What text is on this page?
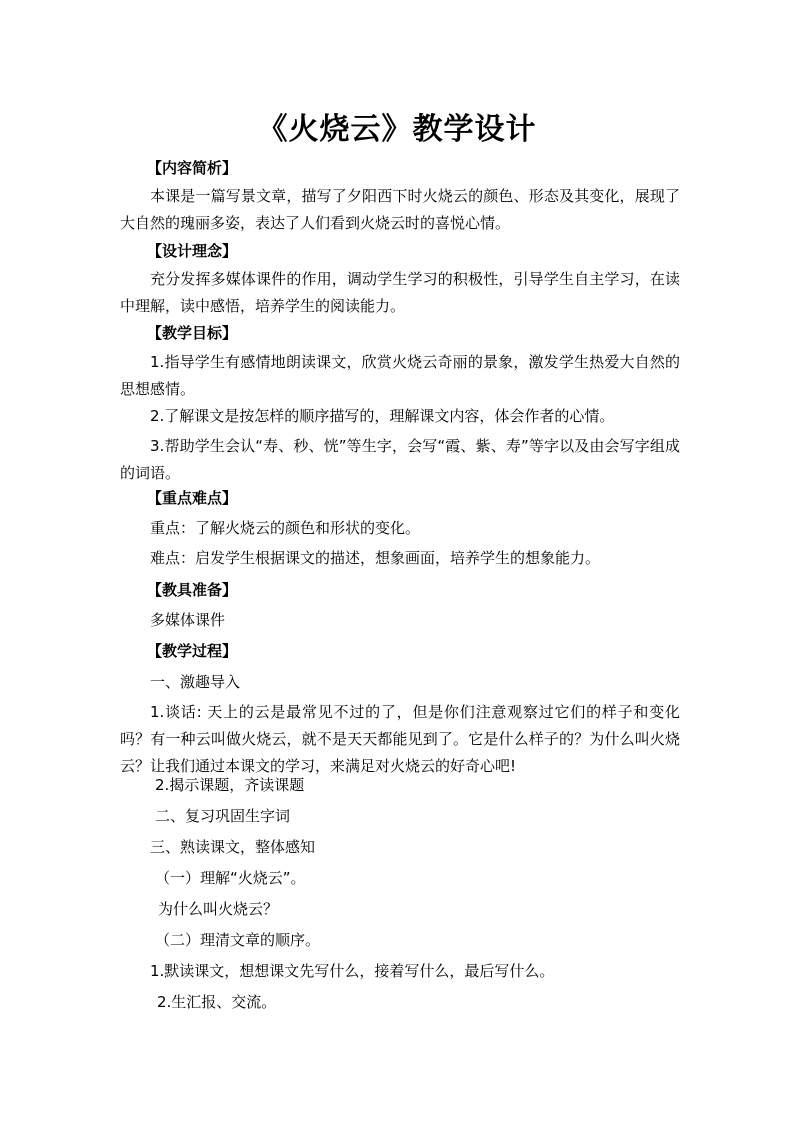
《火烧云》教学设计
【内容简析】
本课是一篇写景文章，描写了夕阳西下时火烧云的颜色、形态及其变化，展现了大自然的瑰丽多姿，表达了人们看到火烧云时的喜悦心情。
【设计理念】
充分发挥多媒体课件的作用，调动学生学习的积极性，引导学生自主学习，在读中理解，读中感悟，培养学生的阅读能力。
【教学目标】
1.指导学生有感情地朗读课文，欣赏火烧云奇丽的景象，激发学生热爱大自然的思想感情。
2.了解课文是按怎样的顺序描写的，理解课文内容，体会作者的心情。
3.帮助学生会认“寿、秒、恍”等生字，会写“霞、紫、寿”等字以及由会写字组成的词语。
【重点难点】
重点：了解火烧云的颜色和形状的变化。
难点：启发学生根据课文的描述，想象画面，培养学生的想象能力。
【教具准备】
多媒体课件
【教学过程】
一、激趣导入
1.谈话: 天上的云是最常见不过的了，但是你们注意观察过它们的样子和变化吗？有一种云叫做火烧云，就不是天天都能见到了。它是什么样子的？为什么叫火烧云？让我们通过本课文的学习，来满足对火烧云的好奇心吧!
2.揭示课题，齐读课题
二、复习巩固生字词
三、熟读课文，整体感知
（一）理解“火烧云”。
为什么叫火烧云？
（二）理清文章的顺序。
1.默读课文，想想课文先写什么，接着写什么，最后写什么。
2.生汇报、交流。
